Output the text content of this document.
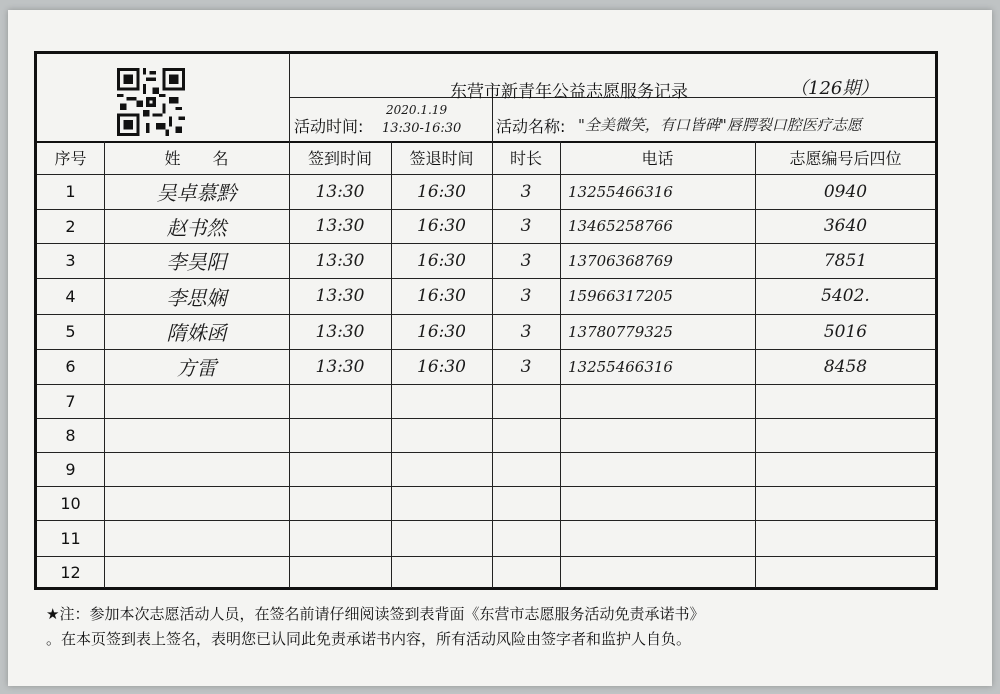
东营市新青年公益志愿服务记录	（126期）
活动时间:
2020.1.19
13:30-16:30 活动名称: "全美微笑，有口皆碑"唇腭裂口腔医疗志愿
序号	姓　　名	签到时间	签退时间	时长	电话	志愿编号后四位
1	吴卓慕黔	13:30	16:30	3	13255466316	0940
2	赵书然	13:30	16:30	3	13465258766	3640
3	李昊阳	13:30	16:30	3	13706368769	7851
4	李思娴	13:30	16:30	3	15966317205	5402.
5	隋姝函	13:30	16:30	3	13780779325	5016
6	方雷	13:30	16:30	3	13255466316	8458
7
8
9
10
11
12
★注：参加本次志愿活动人员，在签名前请仔细阅读签到表背面《东营市志愿服务活动免责承诺书》
。在本页签到表上签名，表明您已认同此免责承诺书内容，所有活动风险由签字者和监护人自负。
